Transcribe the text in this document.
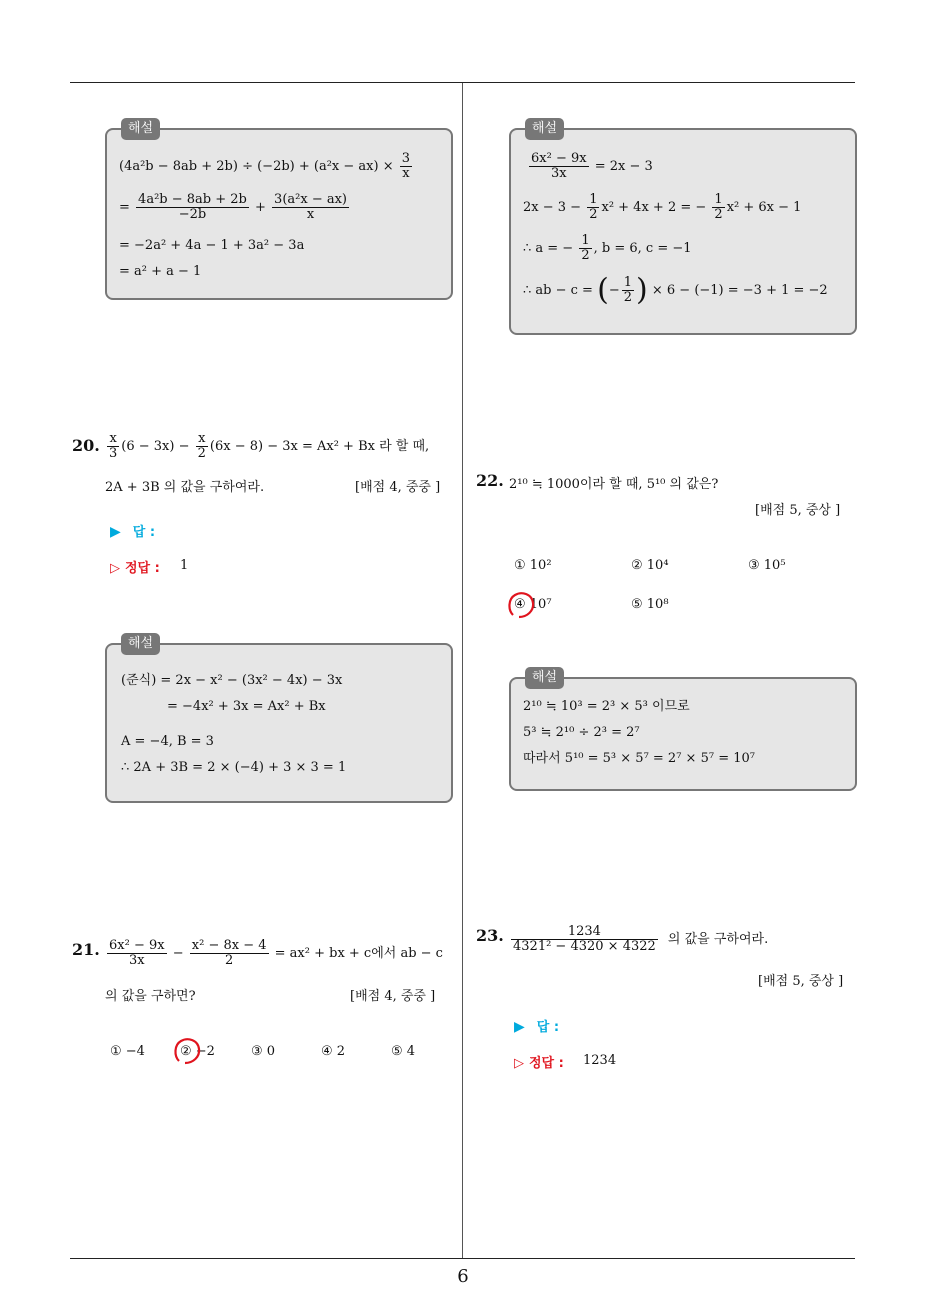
6
해설
$(4a^2b - 8ab + 2b) \div (-2b) + (a^2x - ax) \times \frac{3}{x}$
= $\frac{\text{4a²b − 8ab + 2b}}{-2b} + \frac{\text{3(a²x − ax)}}{x}$
= −2a² + 4a − 1 + 3a² − 3a
= a² + a − 1
해설
$\frac{\text{6x² − 9x}}{3x} = 2x - 3$
$2x - 3 - \frac{1}{2} x^2 + 4x + 2$ = − $\frac{1}{2} x^2 + 6x - 1$
∴ a = − $\frac{1}{2}$ , b = 6, c = −1
∴ ab − c = (− $\frac{1}{2}$ ) × 6 − (−1) = −3 + 1 = −2
20. $\frac{x}{3} (6 - 3x) - \frac{x}{2} (6x - 8) - 3x = Ax^2 + Bx$ 라 할 때,
2A + 3B 의 값을 구하여라.	[배점 4, 중중 ]
▶ 답 :
▷ 정답 : 1
해설
(준식) = 2x − x² − (3x² − 4x) − 3x
= −4x² + 3x = Ax² + Bx
A = −4, B = 3
∴ 2A + 3B = 2 × (−4) + 3 × 3 = 1
21. $\frac{\text{6x² − 9x}}{3x} - \frac{\text{x² − 8x − 4}}{2} = ax^2$ + bx + c에서 ab − c
의 값을 구하면?	[배점 4, 중중 ]
① −4	② −2	③ 0	④ 2	⑤ 4
22. 2¹⁰ ≒ 1000이라 할 때, 5¹⁰ 의 값은?
[배점 5, 중상 ]
① 10²	② 10⁴	③ 10⁵
④ 10⁷	⑤ 10⁸
해설
2¹⁰ ≒ 10³ = 2³ × 5³ 이므로
5³ ≒ 2¹⁰ ÷ 2³ = 2⁷
따라서 5¹⁰ = 5³ × 5⁷ = 2⁷ × 5⁷ = 10⁷
23. $\frac{1234}{\text{4321² − 4320 × 4322}}$ 의 값을 구하여라.
[배점 5, 중상 ]
▶ 답 :
▷ 정답 : 1234
